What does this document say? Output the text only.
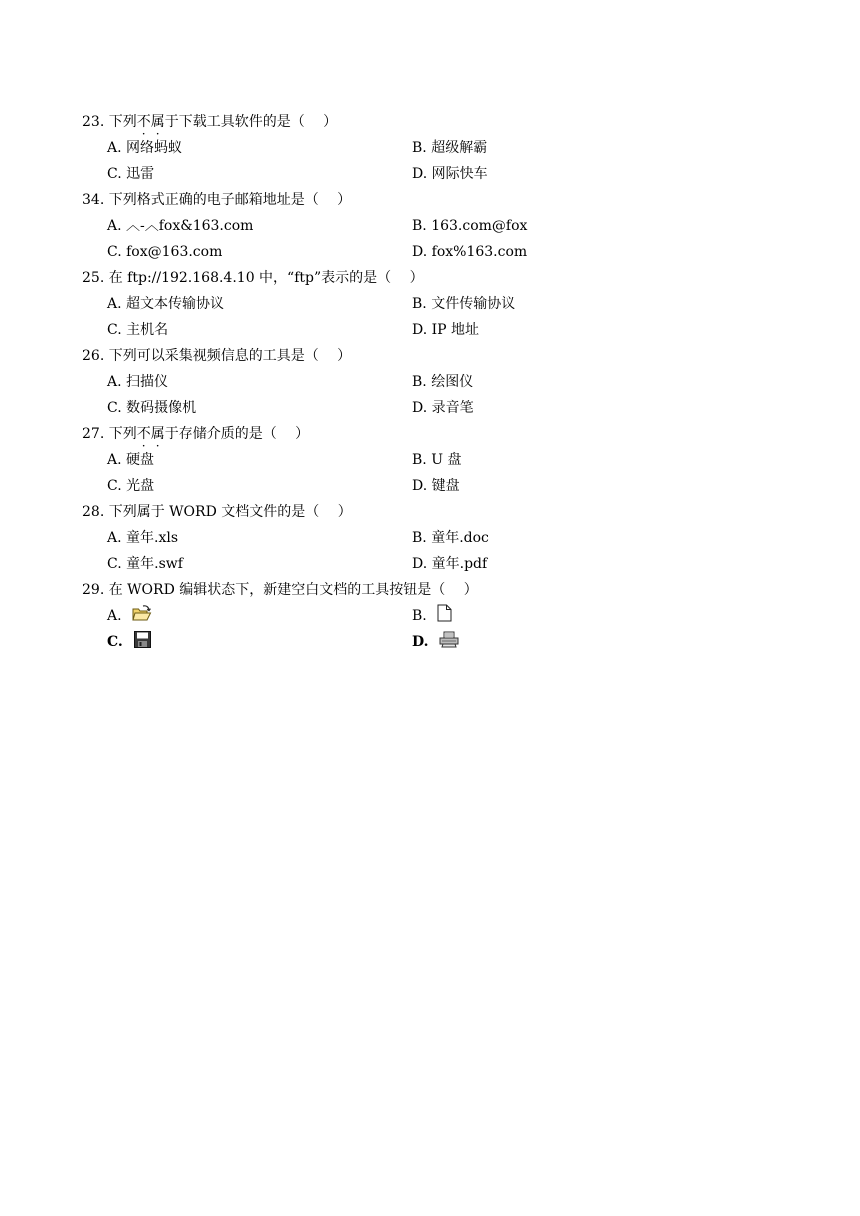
23. 下列不属于下载工具软件的是（　 ）
A. 网络蚂蚁	B. 超级解霸
C. 迅雷	D. 网际快车
34. 下列格式正确的电子邮箱地址是（　 ）
A. ︿-︿fox&163.com	B. 163.com@fox
C. fox@163.com	D. fox%163.com
25. 在 ftp://192.168.4.10 中，“ftp”表示的是（　 ）
A. 超文本传输协议	B. 文件传输协议
C. 主机名	D. IP 地址
26. 下列可以采集视频信息的工具是（　 ）
A. 扫描仪	B. 绘图仪
C. 数码摄像机	D. 录音笔
27. 下列不属于存储介质的是（　 ）
A. 硬盘	B. U 盘
C. 光盘	D. 键盘
28. 下列属于 WORD 文档文件的是（　 ）
A. 童年.xls	B. 童年.doc
C. 童年.swf	D. 童年.pdf
29. 在 WORD 编辑状态下，新建空白文档的工具按钮是（　 ）
A.	B.
C.	D.
